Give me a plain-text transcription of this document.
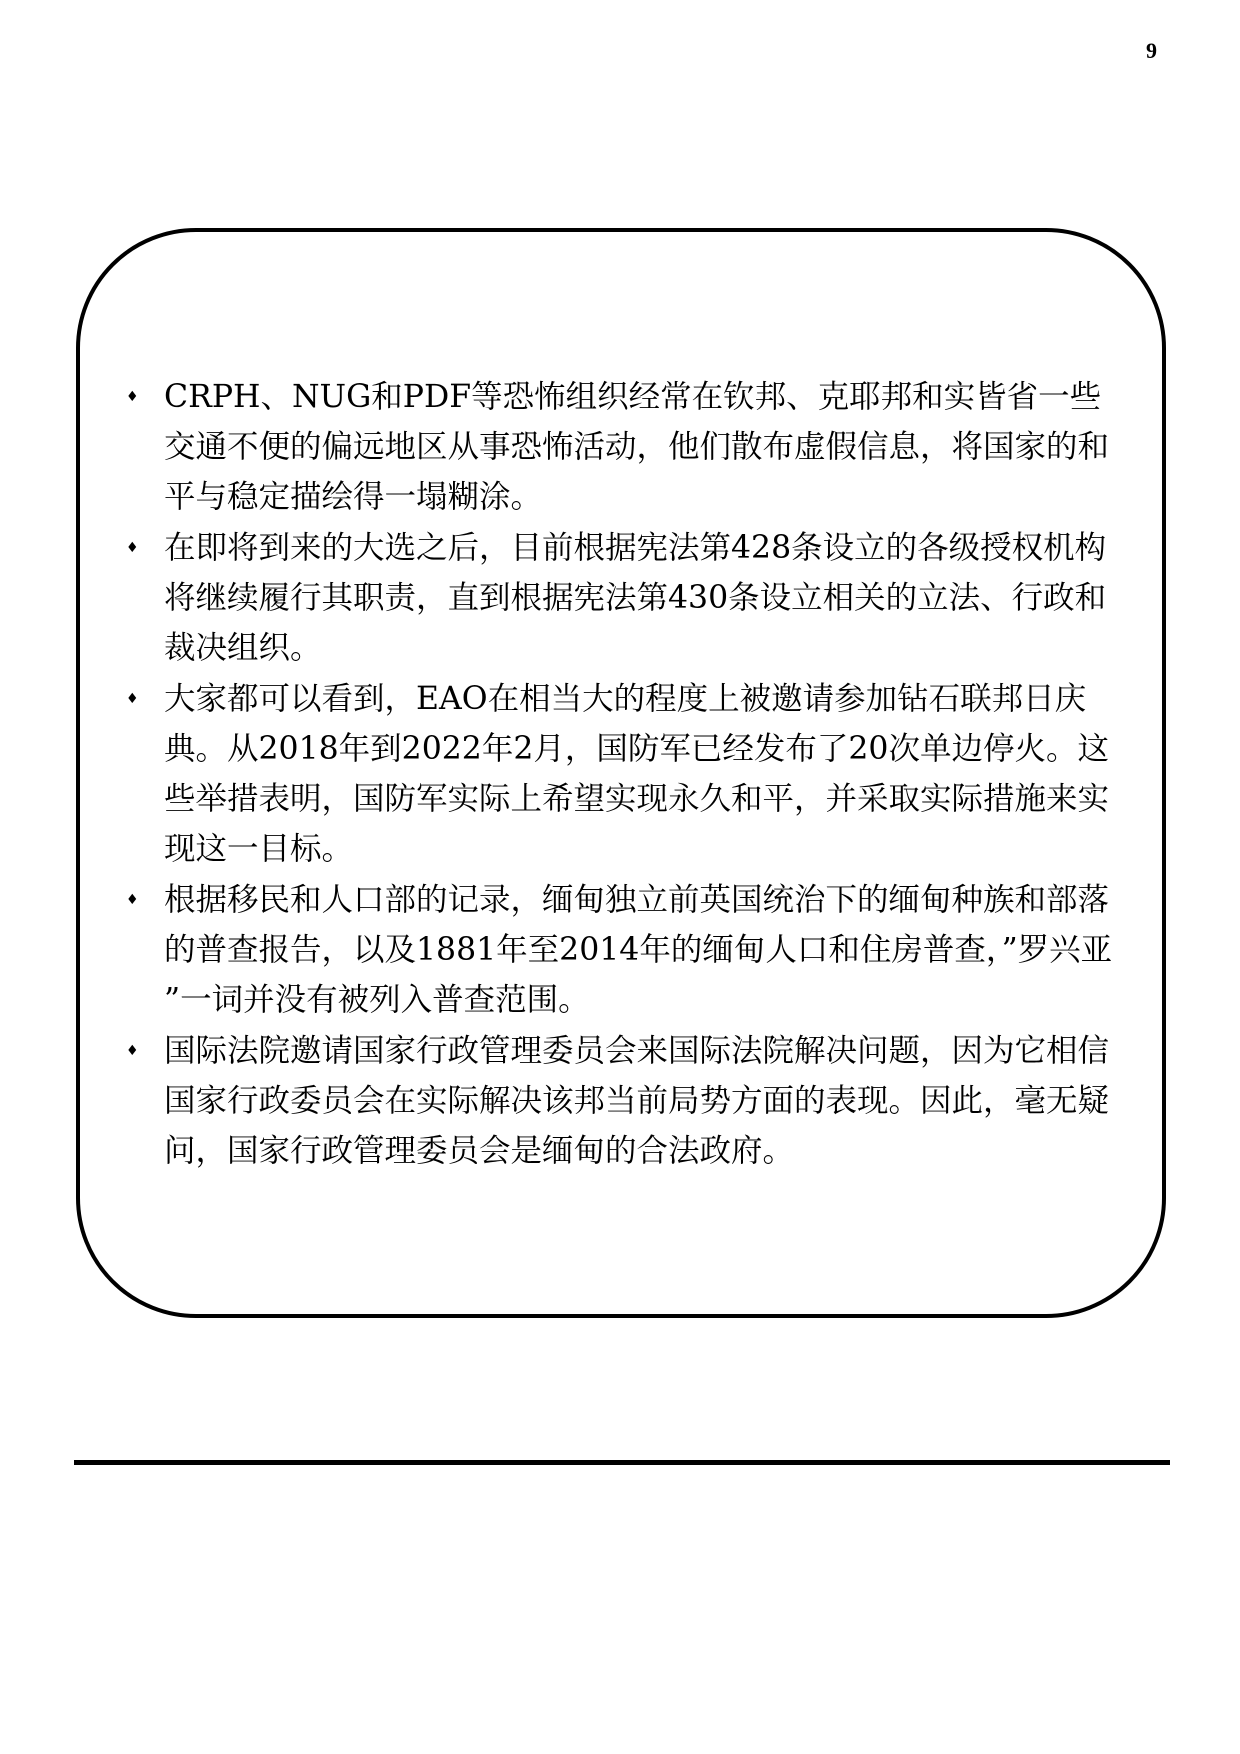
9
♦ CRPH、NUG和PDF等恐怖组织经常在钦邦、克耶邦和实皆省一些交通不便的偏远地区从事恐怖活动，他们散布虚假信息，将国家的和平与稳定描绘得一塌糊涂。
♦ 在即将到来的大选之后，目前根据宪法第428条设立的各级授权机构将继续履行其职责，直到根据宪法第430条设立相关的立法、行政和裁决组织。
♦ 大家都可以看到，EAO在相当大的程度上被邀请参加钻石联邦日庆典。从2018年到2022年2月，国防军已经发布了20次单边停火。这些举措表明，国防军实际上希望实现永久和平，并采取实际措施来实现这一目标。
♦ 根据移民和人口部的记录，缅甸独立前英国统治下的缅甸种族和部落的普查报告，以及1881年至2014年的缅甸人口和住房普查，”罗兴亚 ”一词并没有被列入普查范围。
♦ 国际法院邀请国家行政管理委员会来国际法院解决问题，因为它相信国家行政委员会在实际解决该邦当前局势方面的表现。因此，毫无疑问，国家行政管理委员会是缅甸的合法政府。
